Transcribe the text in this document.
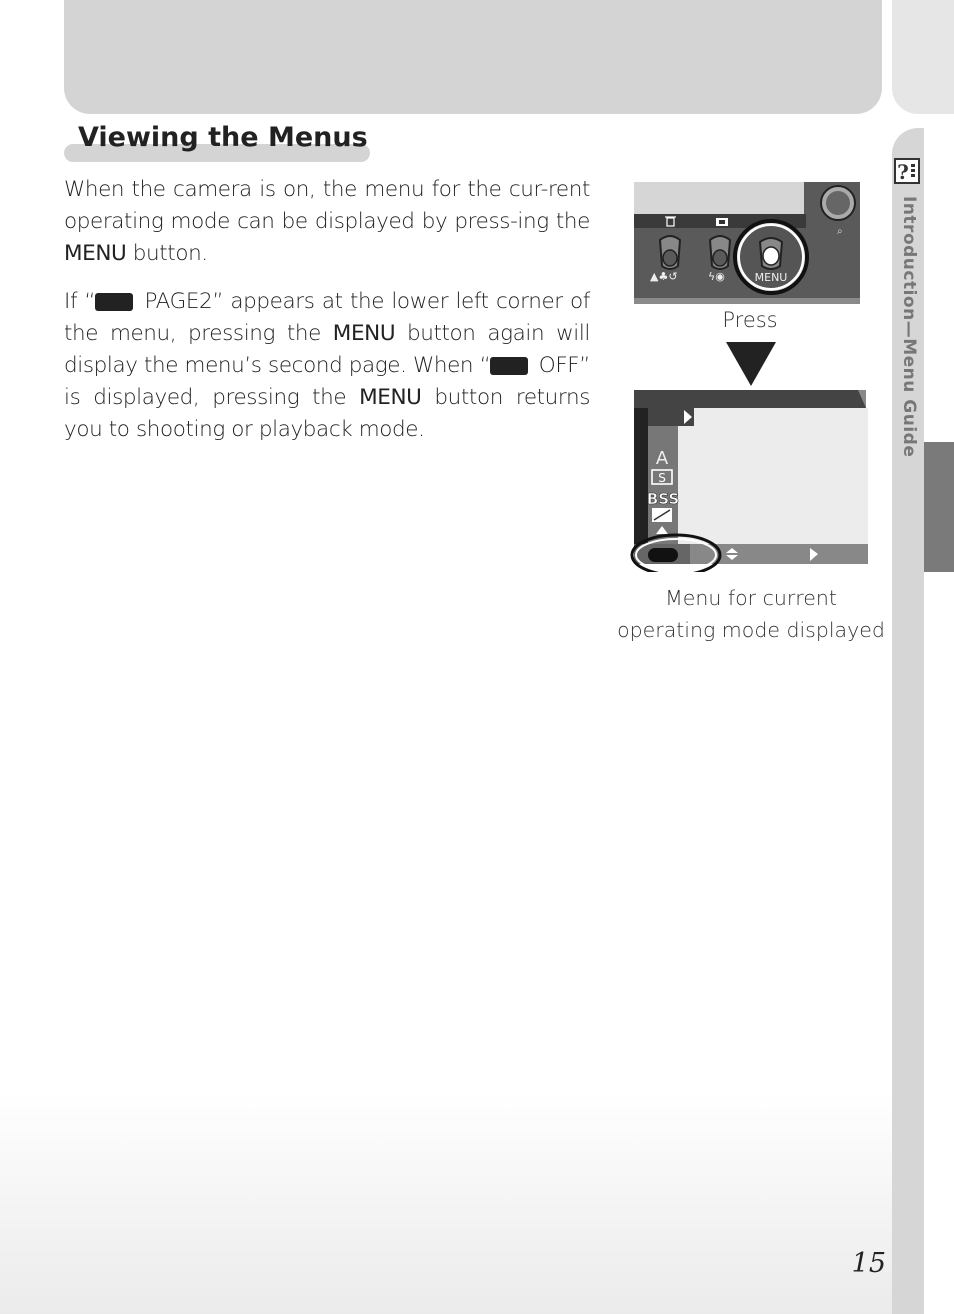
?
Introduction—Menu Guide
Viewing the Menus

When the camera is on, the menu for the cur-rent operating mode can be displayed by press-ing the MENU button.

If “ PAGE2” appears at the lower left corner of the menu, pressing the MENU button again will display the menu’s second page. When “ OFF” is displayed, pressing the MENU button returns you to shooting or playback mode.

⌕
▲♣↺	ϟ◉	MENU
Press
A
S
BSS
Menu for current
operating mode displayed
15
